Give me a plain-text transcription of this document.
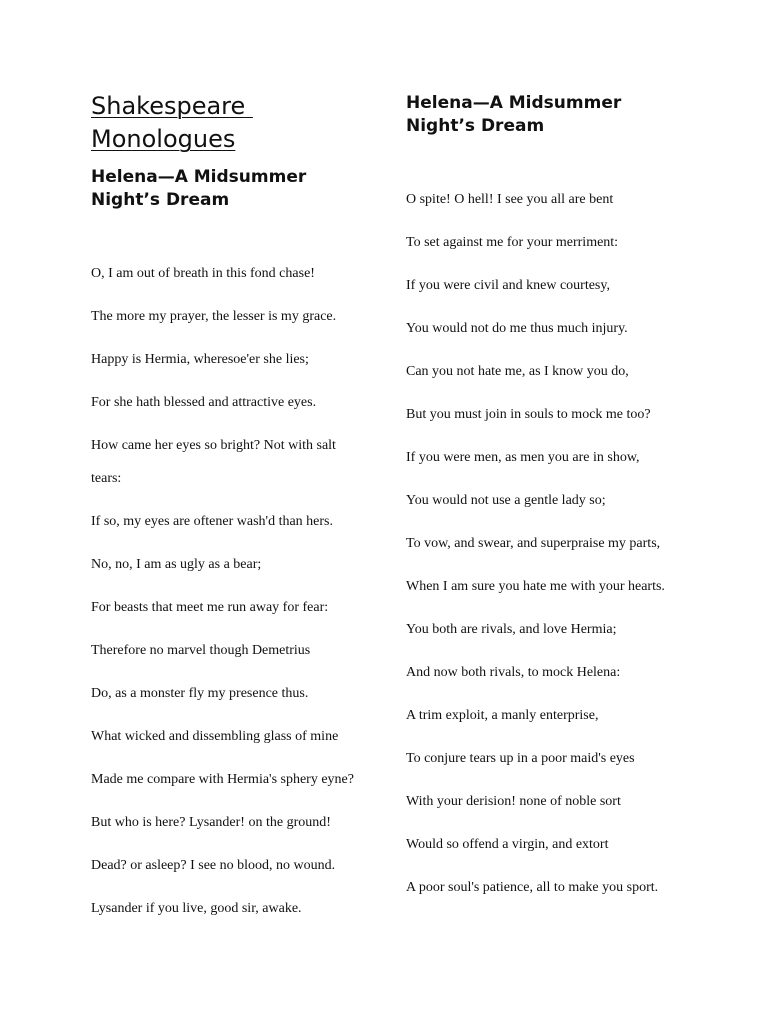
Shakespeare
Monologues
Helena—A Midsummer
Night’s Dream

O, I am out of breath in this fond chase!

The more my prayer, the lesser is my grace.

Happy is Hermia, wheresoe'er she lies;

For she hath blessed and attractive eyes.

How came her eyes so bright? Not with salt

tears:

If so, my eyes are oftener wash'd than hers.

No, no, I am as ugly as a bear;

For beasts that meet me run away for fear:

Therefore no marvel though Demetrius

Do, as a monster fly my presence thus.

What wicked and dissembling glass of mine

Made me compare with Hermia's sphery eyne?

But who is here? Lysander! on the ground!

Dead? or asleep? I see no blood, no wound.

Lysander if you live, good sir, awake.

Helena—A Midsummer
Night’s Dream

O spite! O hell! I see you all are bent

To set against me for your merriment:

If you were civil and knew courtesy,

You would not do me thus much injury.

Can you not hate me, as I know you do,

But you must join in souls to mock me too?

If you were men, as men you are in show,

You would not use a gentle lady so;

To vow, and swear, and superpraise my parts,

When I am sure you hate me with your hearts.

You both are rivals, and love Hermia;

And now both rivals, to mock Helena:

A trim exploit, a manly enterprise,

To conjure tears up in a poor maid's eyes

With your derision! none of noble sort

Would so offend a virgin, and extort

A poor soul's patience, all to make you sport.
